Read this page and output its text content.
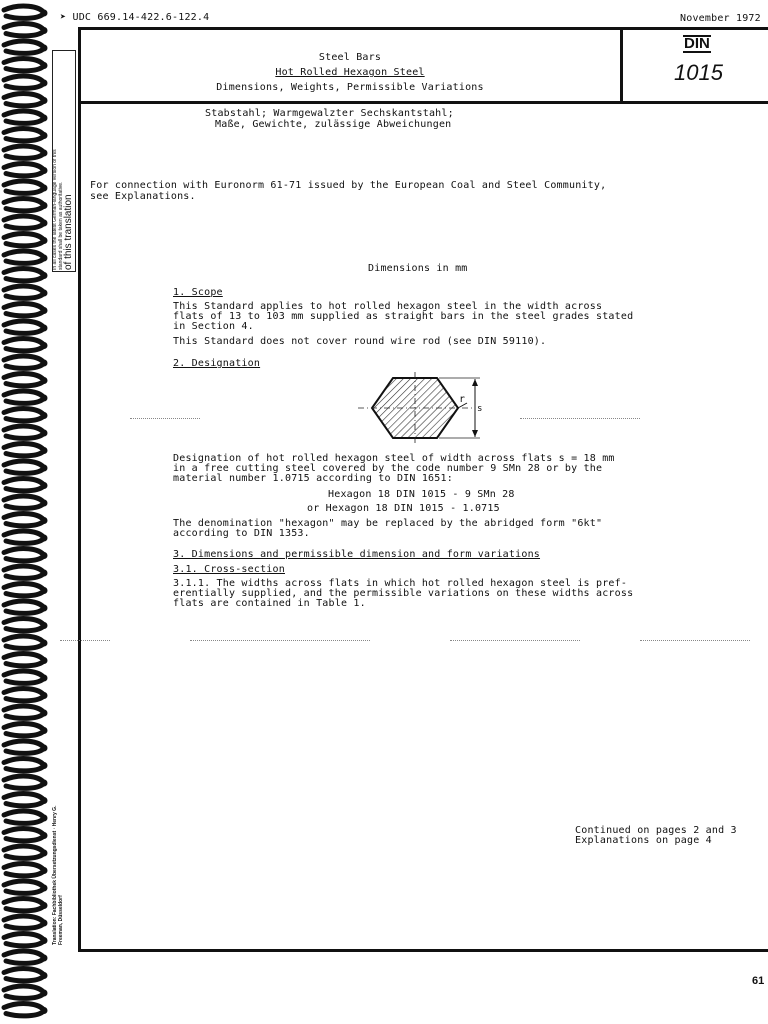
➤ UDC 669.14-422.6-122.4	November 1972
Steel Bars
Hot Rolled Hexagon Steel
Dimensions, Weights, Permissible Variations
DIN
1015
Stabstahl; Warmgewalzter Sechskantstahl;
Maße, Gewichte, zulässige Abweichungen
In all cases the latest German-language version of this standard shall be taken as authoritative. of this translation
Translation: Fachbibliothek Übersetzungsdienst · Henry G. Freeman, Düsseldorf
For connection with Euronorm 61-71 issued by the European Coal and Steel Community,
see Explanations.
Dimensions in mm
1. Scope
This Standard applies to hot rolled hexagon steel in the width across
flats of 13 to 103 mm supplied as straight bars in the steel grades stated
in Section 4.
This Standard does not cover round wire rod (see DIN 59110).
2. Designation
r
s
Designation of hot rolled hexagon steel of width across flats s = 18 mm
in a free cutting steel covered by the code number 9 SMn 28 or by the
material number 1.0715 according to DIN 1651:
Hexagon 18 DIN 1015 - 9 SMn 28
or Hexagon 18 DIN 1015 - 1.0715
The denomination "hexagon" may be replaced by the abridged form "6kt"
according to DIN 1353.
3. Dimensions and permissible dimension and form variations
3.1. Cross-section
3.1.1. The widths across flats in which hot rolled hexagon steel is pref-
erentially supplied, and the permissible variations on these widths across
flats are contained in Table 1.
Continued on pages 2 and 3
Explanations on page 4
61
